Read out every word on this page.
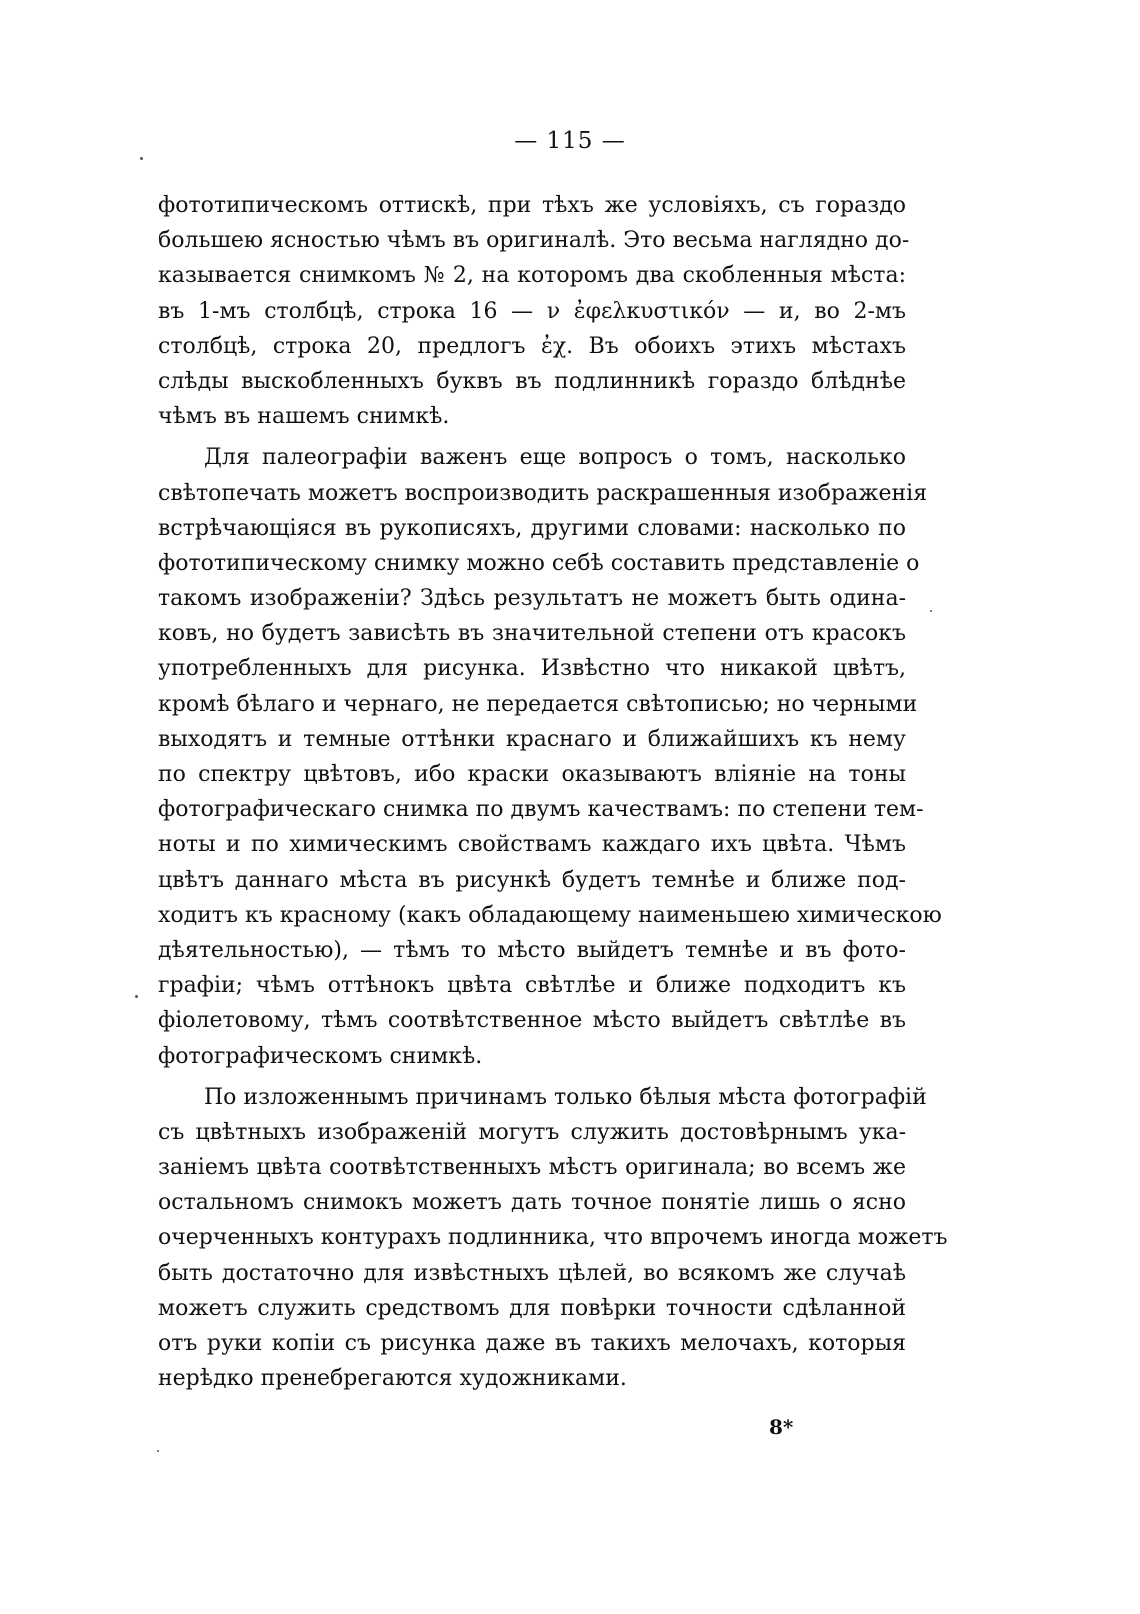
— 115 —
фототипическомъ оттискѣ, при тѣхъ же условіяхъ, съ гораздо
большею ясностью чѣмъ въ оригиналѣ. Это весьма наглядно до-
казывается снимкомъ № 2, на которомъ два скобленныя мѣста:
въ 1-мъ столбцѣ, строка 16 — ν ἐφελκυστικόν — и, во 2-мъ
столбцѣ, строка 20, предлогъ ἐχ. Въ обоихъ этихъ мѣстахъ
слѣды выскобленныхъ буквъ въ подлинникѣ гораздо блѣднѣе
чѣмъ въ нашемъ снимкѣ.
Для палеографіи важенъ еще вопросъ о томъ, насколько
свѣтопечать можетъ воспроизводить раскрашенныя изображенія
встрѣчающіяся въ рукописяхъ, другими словами: насколько по
фототипическому снимку можно себѣ составить представленіе о
такомъ изображеніи? Здѣсь результатъ не можетъ быть одина-
ковъ, но будетъ зависѣть въ значительной степени отъ красокъ
употребленныхъ для рисунка. Извѣстно что никакой цвѣтъ,
кромѣ бѣлаго и чернаго, не передается свѣтописью; но черными
выходятъ и темные оттѣнки краснаго и ближайшихъ къ нему
по спектру цвѣтовъ, ибо краски оказываютъ вліяніе на тоны
фотографическаго снимка по двумъ качествамъ: по степени тем-
ноты и по химическимъ свойствамъ каждаго ихъ цвѣта. Чѣмъ
цвѣтъ даннаго мѣста въ рисункѣ будетъ темнѣе и ближе под-
ходитъ къ красному (какъ обладающему наименьшею химическою
дѣятельностью), — тѣмъ то мѣсто выйдетъ темнѣе и въ фото-
графіи; чѣмъ оттѣнокъ цвѣта свѣтлѣе и ближе подходитъ къ
фіолетовому, тѣмъ соотвѣтственное мѣсто выйдетъ свѣтлѣе въ
фотографическомъ снимкѣ.
По изложеннымъ причинамъ только бѣлыя мѣста фотографій
съ цвѣтныхъ изображеній могутъ служить достовѣрнымъ ука-
заніемъ цвѣта соотвѣтственныхъ мѣстъ оригинала; во всемъ же
остальномъ снимокъ можетъ дать точное понятіе лишь о ясно
очерченныхъ контурахъ подлинника, что впрочемъ иногда можетъ
быть достаточно для извѣстныхъ цѣлей, во всякомъ же случаѣ
можетъ служить средствомъ для повѣрки точности сдѣланной
отъ руки копіи съ рисунка даже въ такихъ мелочахъ, которыя
нерѣдко пренебрегаются художниками.
8*
